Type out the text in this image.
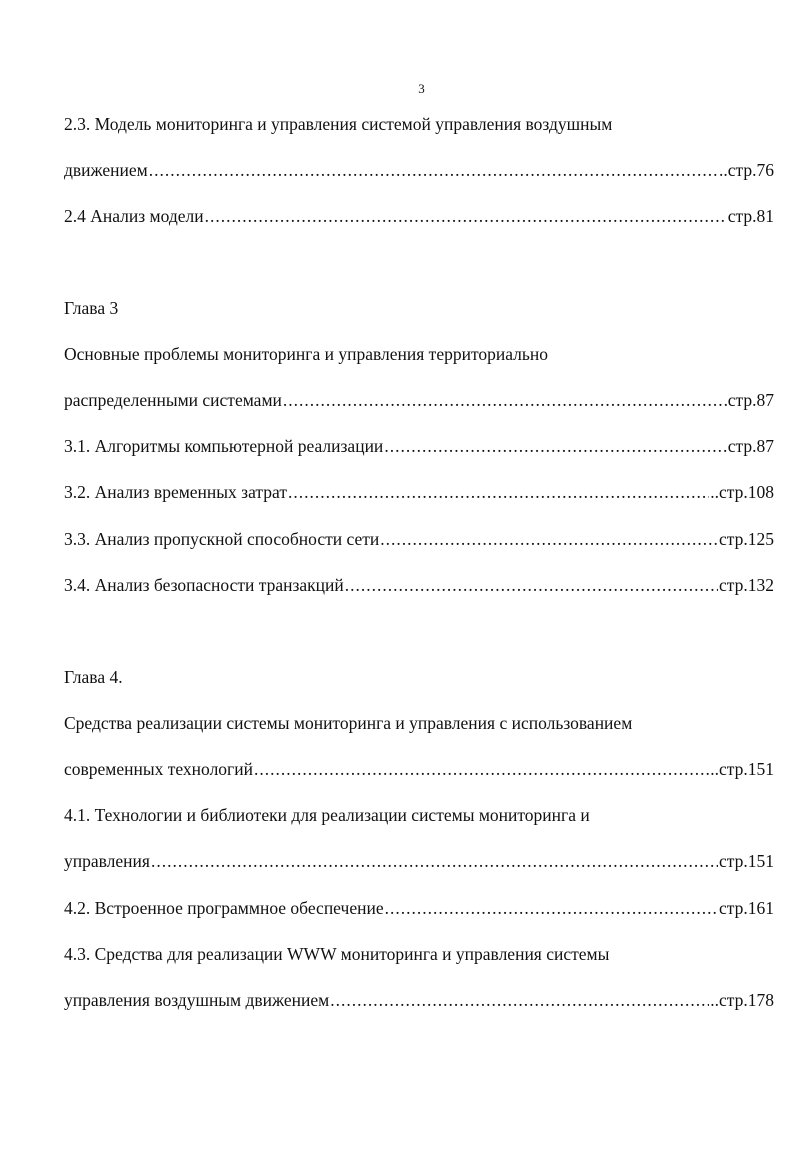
3
2.3. Модель мониторинга и управления системой управления воздушным
движением .....	..стр.76
2.4 Анализ модели .....	стр.81
Глава 3
Основные проблемы мониторинга и управления территориально
распределенными системами .....	стр.87
3.1. Алгоритмы компьютерной реализации .....	стр.87
3.2. Анализ временных затрат .....	..стр.108
3.3. Анализ пропускной способности сети .....	стр.125
3.4. Анализ безопасности транзакций .....	стр.132
Глава 4.
Средства реализации системы мониторинга и управления с использованием
современных технологий .....	..стр.151
4.1. Технологии и библиотеки для реализации системы мониторинга и
управления .....	стр.151
4.2. Встроенное программное обеспечение .....	стр.161
4.3. Средства для реализации WWW мониторинга и управления системы
управления воздушным движением .....	..стр.178
